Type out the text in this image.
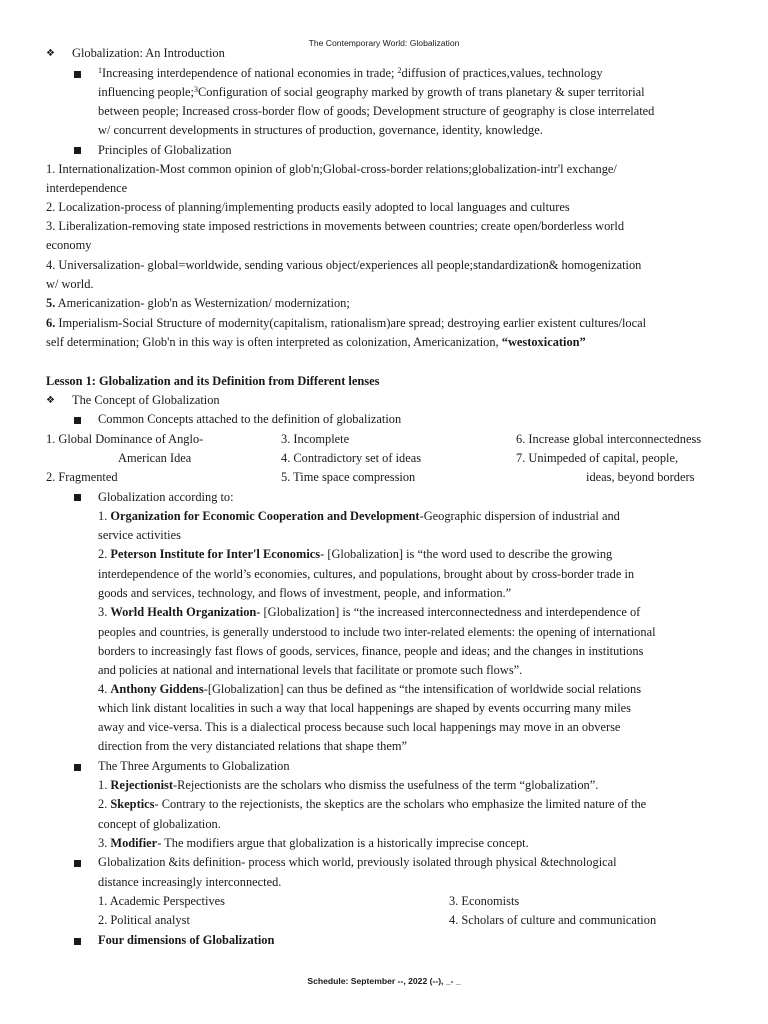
The Contemporary World: Globalization
❖ Globalization: An Introduction
$^1$Increasing interdependence of national economies in trade; $^2$diffusion of practices,values, technology
influencing people;$^3$Configuration of social geography marked by growth of trans planetary & super territorial
between people; Increased cross-border flow of goods; Development structure of geography is close interrelated
w/ concurrent developments in structures of production, governance, identity, knowledge.
Principles of Globalization
1. Internationalization-Most common opinion of glob'n;Global-cross-border relations;globalization-intr'l exchange/
interdependence
2. Localization-process of planning/implementing products easily adopted to local languages and cultures
3. Liberalization-removing state imposed restrictions in movements between countries; create open/borderless world
economy
4. Universalization- global=worldwide, sending various object/experiences all people;standardization& homogenization
w/ world.
5. Americanization- glob'n as Westernization/ modernization;
6. Imperialism-Social Structure of modernity(capitalism, rationalism)are spread; destroying earlier existent cultures/local
self determination; Glob'n in this way is often interpreted as colonization, Americanization, “westoxication”
Lesson 1: Globalization and its Definition from Different lenses
❖ The Concept of Globalization
Common Concepts attached to the definition of globalization
1. Global Dominance of Anglo-
American Idea
2. Fragmented
3. Incomplete
4. Contradictory set of ideas
5. Time space compression
6. Increase global interconnectedness
7. Unimpeded of capital, people,
ideas, beyond borders
Globalization according to:
1. Organization for Economic Cooperation and Development-Geographic dispersion of industrial and
service activities
2. Peterson Institute for Inter'l Economics- [Globalization] is “the word used to describe the growing
interdependence of the world’s economies, cultures, and populations, brought about by cross-border trade in
goods and services, technology, and flows of investment, people, and information.”
3. World Health Organization- [Globalization] is “the increased interconnectedness and interdependence of
peoples and countries, is generally understood to include two inter-related elements: the opening of international
borders to increasingly fast flows of goods, services, finance, people and ideas; and the changes in institutions
and policies at national and international levels that facilitate or promote such flows”.
4. Anthony Giddens-[Globalization] can thus be defined as “the intensification of worldwide social relations
which link distant localities in such a way that local happenings are shaped by events occurring many miles
away and vice-versa. This is a dialectical process because such local happenings may move in an obverse
direction from the very distanciated relations that shape them”
The Three Arguments to Globalization
1. Rejectionist-Rejectionists are the scholars who dismiss the usefulness of the term “globalization”.
2. Skeptics- Contrary to the rejectionists, the skeptics are the scholars who emphasize the limited nature of the
concept of globalization.
3. Modifier- The modifiers argue that globalization is a historically imprecise concept.
Globalization &its definition- process which world, previously isolated through physical &technological
distance increasingly interconnected.
1. Academic Perspectives
2. Political analyst
3. Economists
4. Scholars of culture and communication
Four dimensions of Globalization
Schedule: September --, 2022 (--), _- _
